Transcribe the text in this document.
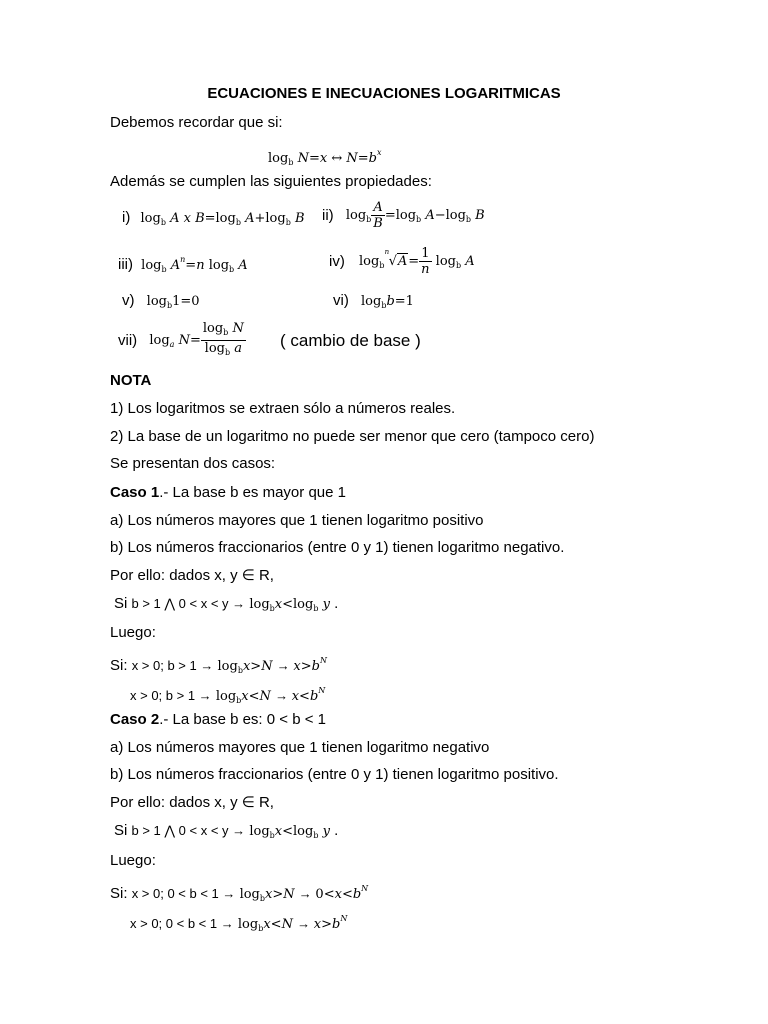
ECUACIONES E INECUACIONES LOGARITMICAS
Debemos recordar que si:
$\log_b N=x$ ↔ $N=b^x$
Además se cumplen las siguientes propiedades:
i) $\log_b A$ x $B=\log_b$ $A+\log_b$ B ii) $\log_b \frac{A}{B} =\log_b$ $A-\log_b$ B
iii) $\log_b A^n=n$ $\log_b A$	iv) $\log_b$
n
$√A= \frac{1}{n} \log_b A$
v) $\log_b1=0$	vi) $\log_bb=1$
vii) $\log_a N= \frac{\log_b N}{\log_b a}$ ( cambio de base )
NOTA
1) Los logaritmos se extraen sólo a números reales.
2) La base de un logaritmo no puede ser menor que cero (tampoco cero)
Se presentan dos casos:
Caso 1.- La base b es mayor que 1
a) Los números mayores que 1 tienen logaritmo positivo
b) Los números fraccionarios (entre 0 y 1) tienen logaritmo negativo.
Por ello: dados x, y ∈ R,
Si b > 1 ⋀ $0 < x < y \to \log_bx<\log_b$ y .
Luego:
Si: x > 0; $b > 1 \to \log_bx>N \to x>b^N$
x > 0; $b > 1 \to \log_bx<N \to x<b^N$
Caso 2.- La base b es: 0 < b < 1
a) Los números mayores que 1 tienen logaritmo negativo
b) Los números fraccionarios (entre 0 y 1) tienen logaritmo positivo.
Por ello: dados x, y ∈ R,
Si b > 1 ⋀ $0 < x < y \to \log_bx<\log_b$ y .
Luego:
Si: x > 0; $0 < b < 1 \to \log_bx>N \to 0<x<b^N$
x > 0; $0 < b < 1 \to \log_bx<N \to x>b^N$
